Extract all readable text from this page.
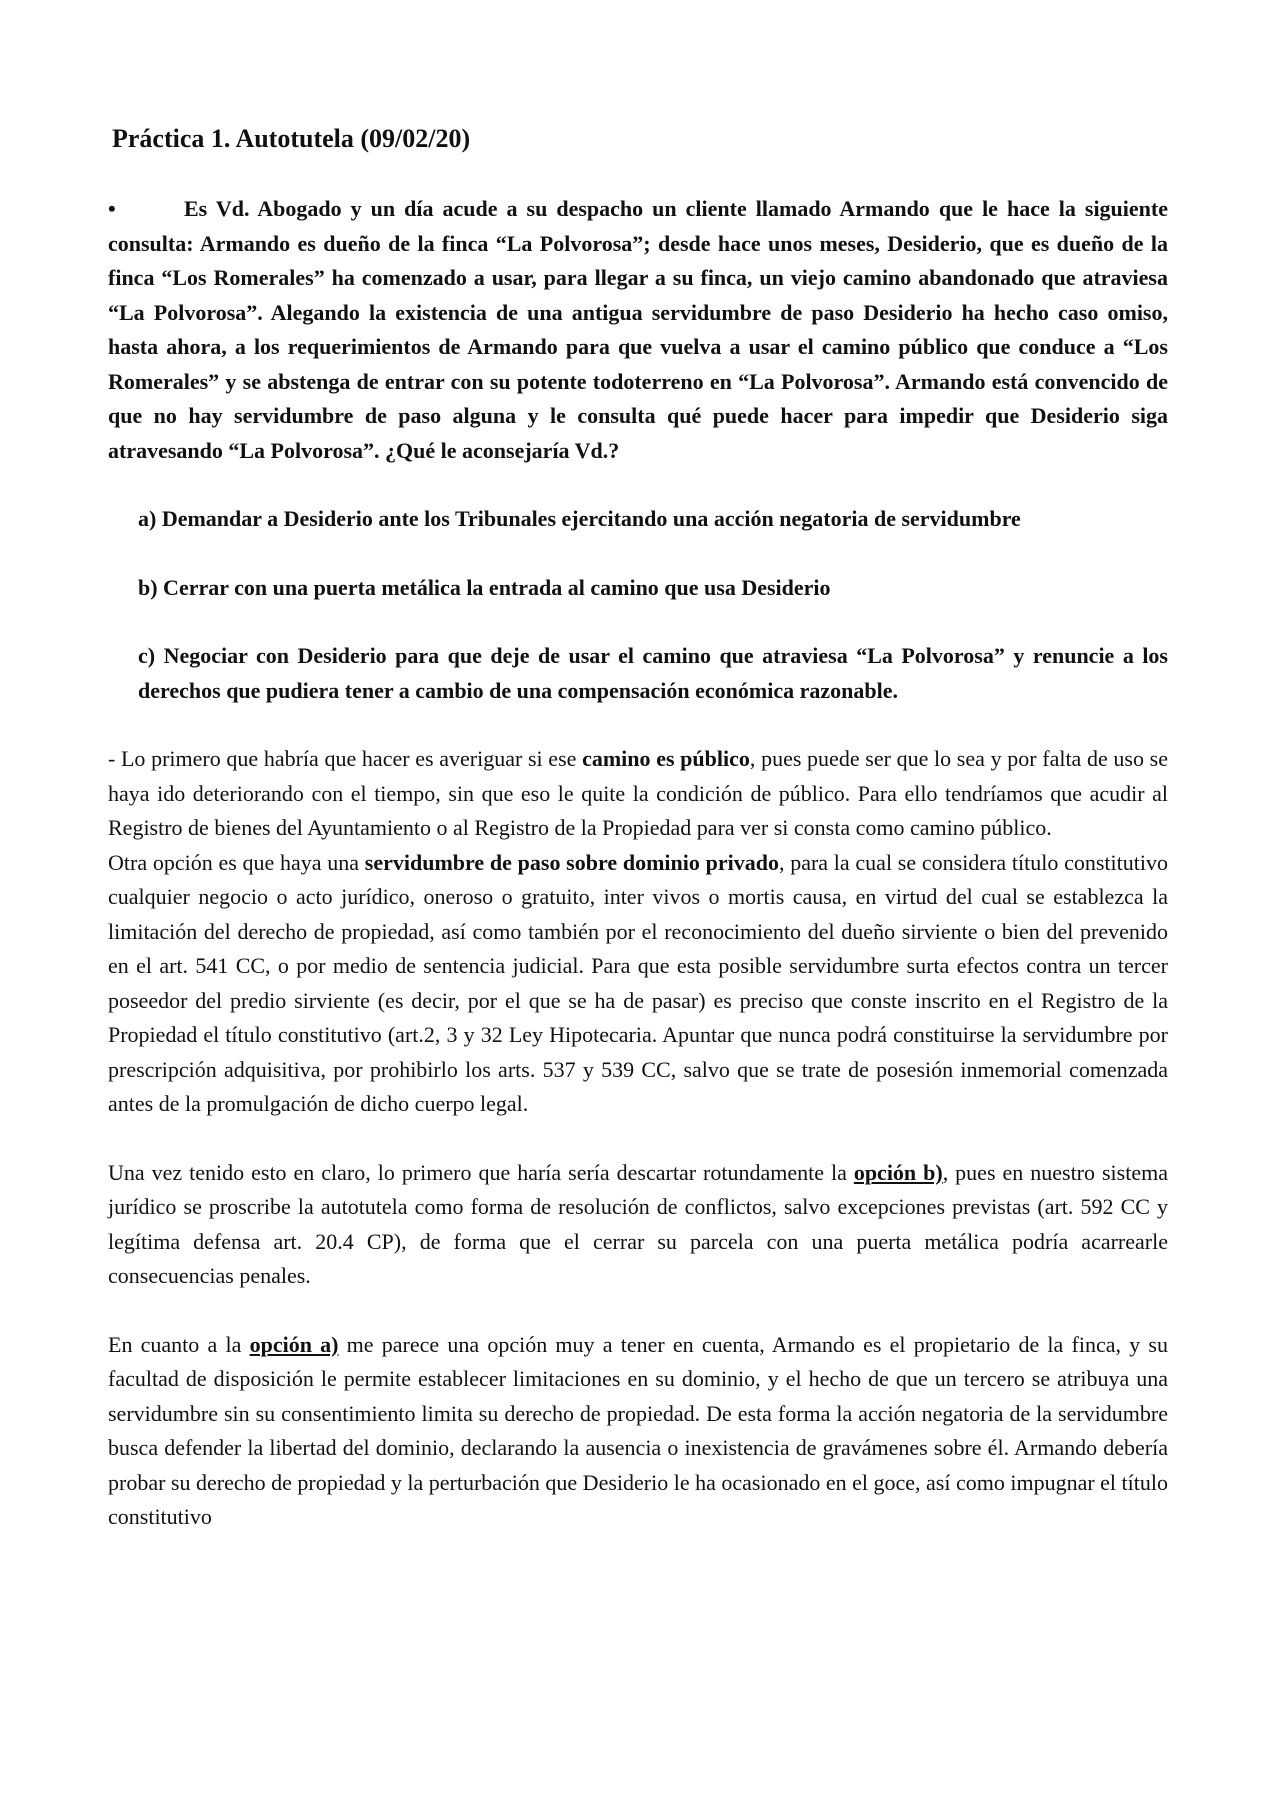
Práctica 1. Autotutela (09/02/20)

•	Es Vd. Abogado y un día acude a su despacho un cliente llamado Armando que le hace la siguiente consulta: Armando es dueño de la finca “La Polvorosa”; desde hace unos meses, Desiderio, que es dueño de la finca “Los Romerales” ha comenzado a usar, para llegar a su finca, un viejo camino abandonado que atraviesa “La Polvorosa”. Alegando la existencia de una antigua servidumbre de paso Desiderio ha hecho caso omiso, hasta ahora, a los requerimientos de Armando para que vuelva a usar el camino público que conduce a “Los Romerales” y se abstenga de entrar con su potente todoterreno en “La Polvorosa”. Armando está convencido de que no hay servidumbre de paso alguna y le consulta qué puede hacer para impedir que Desiderio siga atravesando “La Polvorosa”. ¿Qué le aconsejaría Vd.?

a) Demandar a Desiderio ante los Tribunales ejercitando una acción negatoria de servidumbre

b) Cerrar con una puerta metálica la entrada al camino que usa Desiderio

c) Negociar con Desiderio para que deje de usar el camino que atraviesa “La Polvorosa” y renuncie a los derechos que pudiera tener a cambio de una compensación económica razonable.

- Lo primero que habría que hacer es averiguar si ese camino es público, pues puede ser que lo sea y por falta de uso se haya ido deteriorando con el tiempo, sin que eso le quite la condición de público. Para ello tendríamos que acudir al Registro de bienes del Ayuntamiento o al Registro de la Propiedad para ver si consta como camino público.

Otra opción es que haya una servidumbre de paso sobre dominio privado, para la cual se considera título constitutivo cualquier negocio o acto jurídico, oneroso o gratuito, inter vivos o mortis causa, en virtud del cual se establezca la limitación del derecho de propiedad, así como también por el reconocimiento del dueño sirviente o bien del prevenido en el art. 541 CC, o por medio de sentencia judicial. Para que esta posible servidumbre surta efectos contra un tercer poseedor del predio sirviente (es decir, por el que se ha de pasar) es preciso que conste inscrito en el Registro de la Propiedad el título constitutivo (art.2, 3 y 32 Ley Hipotecaria. Apuntar que nunca podrá constituirse la servidumbre por prescripción adquisitiva, por prohibirlo los arts. 537 y 539 CC, salvo que se trate de posesión inmemorial comenzada antes de la promulgación de dicho cuerpo legal.

Una vez tenido esto en claro, lo primero que haría sería descartar rotundamente la opción b), pues en nuestro sistema jurídico se proscribe la autotutela como forma de resolución de conflictos, salvo excepciones previstas (art. 592 CC y legítima defensa art. 20.4 CP), de forma que el cerrar su parcela con una puerta metálica podría acarrearle consecuencias penales.

En cuanto a la opción a) me parece una opción muy a tener en cuenta, Armando es el propietario de la finca, y su facultad de disposición le permite establecer limitaciones en su dominio, y el hecho de que un tercero se atribuya una servidumbre sin su consentimiento limita su derecho de propiedad. De esta forma la acción negatoria de la servidumbre busca defender la libertad del dominio, declarando la ausencia o inexistencia de gravámenes sobre él. Armando debería probar su derecho de propiedad y la perturbación que Desiderio le ha ocasionado en el goce, así como impugnar el título constitutivo
